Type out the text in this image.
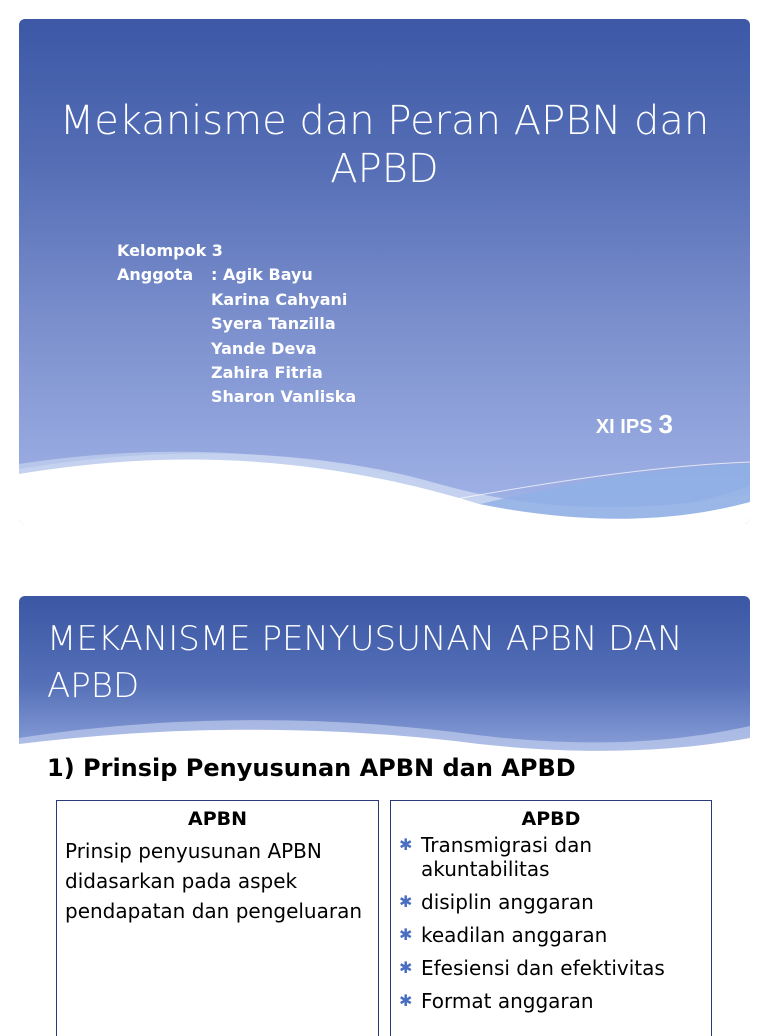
Mekanisme dan Peran APBN dan APBD
Kelompok 3
Anggota	: Agik Bayu
Karina Cahyani
Syera Tanzilla
Yande Deva
Zahira Fitria
Sharon Vanliska
XI IPS 3
MEKANISME PENYUSUNAN APBN DAN APBD
1) Prinsip Penyusunan APBN dan APBD
APBN
Prinsip penyusunan APBN didasarkan pada aspek pendapatan dan pengeluaran
APBD
✱ Transmigrasi dan akuntabilitas
✱ disiplin anggaran
✱ keadilan anggaran
✱ Efesiensi dan efektivitas
✱ Format anggaran
